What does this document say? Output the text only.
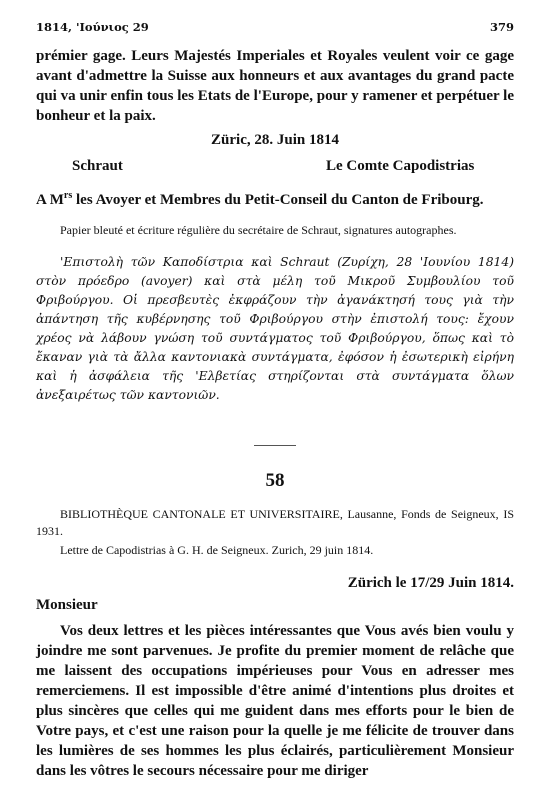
1814, 'Ιούνιος 29	379
prémier gage. Leurs Majestés Imperiales et Royales veulent voir ce gage avant d'admettre la Suisse aux honneurs et aux avantages du grand pacte qui va unir enfin tous les Etats de l'Europe, pour y ramener et perpétuer le bonheur et la paix.
Züric, 28. Juin 1814
Schraut	Le Comte Capodistrias
A $M^{rs}$ les Avoyer et Membres du Petit-Conseil du Canton de Fribourg.
Papier bleuté et écriture régulière du secrétaire de Schraut, signatures autographes.
'Επιστολὴ τῶν Καποδίστρια καὶ Schraut (Ζυρίχη, 28 'Ιουνίου 1814) στὸν πρόεδρο (avoyer) καὶ στὰ μέλη τοῦ Μικροῦ Συμβουλίου τοῦ Φριβούργου. Οἱ πρεσβευτὲς ἐκφράζουν τὴν ἀγανάκτησή τους γιὰ τὴν ἀπάντηση τῆς κυβέρνησης τοῦ Φριβούργου στὴν ἐπιστολή τους: ἔχουν χρέος νὰ λάβουν γνώση τοῦ συντάγματος τοῦ Φριβούργου, ὅπως καὶ τὸ ἔκαναν γιὰ τὰ ἄλλα καντονιακὰ συντάγματα, ἐφόσον ἡ ἐσωτερικὴ εἰρήνη καὶ ἡ ἀσφάλεια τῆς 'Ελβετίας στηρίζονται στὰ συντάγματα ὅλων ἀνεξαιρέτως τῶν καντονιῶν.
58
BIBLIOTHÈQUE CANTONALE ET UNIVERSITAIRE, Lausanne, Fonds de Seigneux, IS 1931.
Lettre de Capodistrias à G. H. de Seigneux. Zurich, 29 juin 1814.
Zürich le 17/29 Juin 1814.
Monsieur
Vos deux lettres et les pièces intéressantes que Vous avés bien voulu y joindre me sont parvenues. Je profite du premier moment de relâche que me laissent des occupations impérieuses pour Vous en adresser mes remerciemens. Il est impossible d'être animé d'intentions plus droites et plus sincères que celles qui me guident dans mes efforts pour le bien de Votre pays, et c'est une raison pour la quelle je me félicite de trouver dans les lumières de ses hommes les plus éclairés, particulièrement Monsieur dans les vôtres le secours nécessaire pour me diriger
